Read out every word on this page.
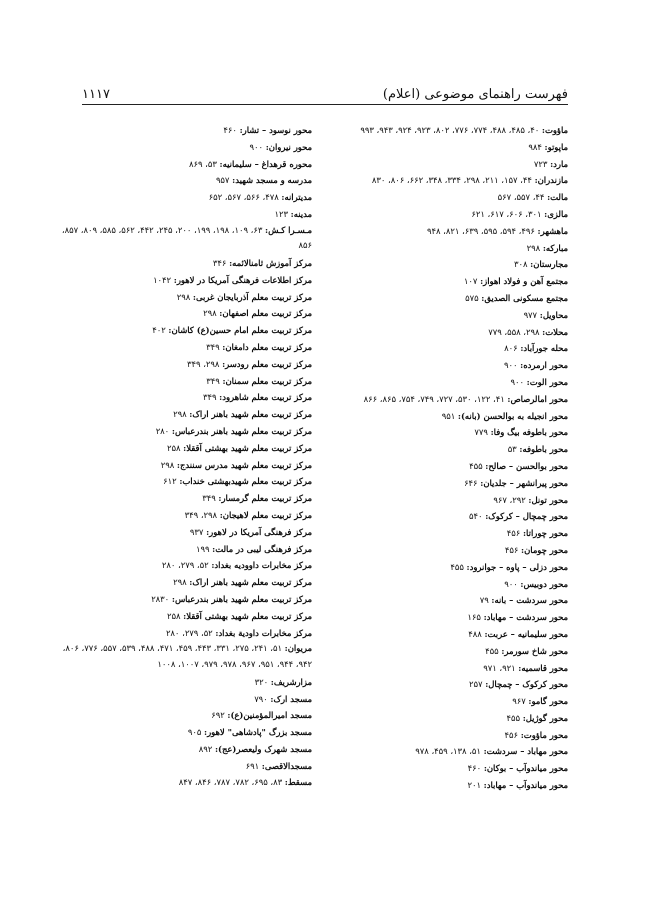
۱۱۱۷	فهرست راهنمای موضوعی (اعلام)
ماؤوت: ۴۰، ۴۸۵، ۴۸۸، ۷۷۴، ۷۷۶، ۸۰۲، ۹۲۳، ۹۲۴، ۹۴۳، ۹۹۳
ماپوتو: ۹۸۴
مارد: ۷۲۳
مازندران: ۴۴، ۱۵۷، ۲۱۱، ۲۹۸، ۳۳۴، ۳۴۸، ۶۶۲، ۸۰۶، ۸۳۰
مالت: ۴۴، ۵۵۷، ۵۶۷
مالزی: ۳۰۱، ۶۰۶، ۶۱۷، ۶۲۱
ماهشهر: ۴۹۶، ۵۹۴، ۵۹۵، ۶۳۹، ۸۲۱، ۹۴۸
مبارکه: ۲۹۸
مجارستان: ۳۰۸
مجتمع آهن و فولاد اهواز: ۱۰۷
مجتمع مسکونی الصدیق: ۵۷۵
محاویل: ۹۷۷
محلات: ۲۹۸، ۵۵۸، ۷۷۹
محله جورآباد: ۸۰۶
محور ارمرده: ۹۰۰
محور الوت: ۹۰۰
محور امالرصاص: ۴۱، ۱۲۲، ۵۳۰، ۷۲۷، ۷۴۹، ۷۵۴، ۸۶۵، ۸۶۶
محور انجیله به بوالحسن (بانه): ۹۵۱
محور باطوفه بیگ وفا: ۷۷۹
محور باطوفه: ۵۳
محور بوالحسن – صالح: ۴۵۵
محور پیرانشهر – جلدیان: ۶۴۶
محور تونل: ۲۹۲، ۹۶۷
محور چمچال – کرکوک: ۵۴۰
محور چوراتا: ۴۵۶
محور چومان: ۴۵۶
محور دزلی – پاوه – جوانرود: ۴۵۵
محور دوبیس: ۹۰۰
محور سردشت – بانه: ۷۹
محور سردشت – مهاباد: ۱۶۵
محور سلیمانیه – عربت: ۴۸۸
محور شاخ سورمر: ۴۵۵
محور قاسمیه: ۹۲۱، ۹۷۱
محور کرکوک – چمچال: ۲۵۷
محور گامو: ۹۶۷
محور گوژیل: ۴۵۵
محور ماؤوت: ۴۵۶
محور مهاباد – سردشت: ۵۱، ۱۳۸، ۴۵۹، ۹۷۸
محور میاندوآب – بوکان: ۴۶۰
محور میاندوآب – مهاباد: ۲۰۱
محور نوسود – تشار: ۴۶۰
محور نیروان: ۹۰۰
محوره قرهداغ – سلیمانیه: ۵۳، ۸۶۹
مدرسه و مسجد شهید: ۹۵۷
مدیترانه: ۴۷۸، ۵۶۶، ۵۶۷، ۶۵۲
مدینه: ۱۲۳
مـسـرا کـش: ۶۳، ۱۰۹، ۱۹۸، ۱۹۹، ۲۰۰، ۲۴۵، ۴۴۲، ۵۶۲، ۵۸۵، ۸۰۹، ۸۵۷، ۸۵۶
مرکز آموزش ثامنالائمه: ۳۴۶
مرکز اطلاعات فرهنگی آمریکا در لاهور: ۱۰۴۲
مرکز تربیت معلم آذربایجان غربی: ۲۹۸
مرکز تربیت معلم اصفهان: ۲۹۸
مرکز تربیت معلم امام حسین(ع) کاشان: ۴۰۲
مرکز تربیت معلم دامغان: ۳۴۹
مرکز تربیت معلم رودسر: ۲۹۸، ۳۴۹
مرکز تربیت معلم سمنان: ۳۴۹
مرکز تربیت معلم شاهرود: ۳۴۹
مرکز تربیت معلم شهید باهنر اراک: ۲۹۸
مرکز تربیت معلم شهید باهنر بندرعباس: ۲۸۰
مرکز تربیت معلم شهید بهشتی آققلا: ۲۵۸
مرکز تربیت معلم شهید مدرس سنندج: ۲۹۸
مرکز تربیت معلم شهیدبهشتی خنداب: ۶۱۲
مرکز تربیت معلم گرمسار: ۳۴۹
مرکز تربیت معلم لاهیجان: ۲۹۸، ۳۴۹
مرکز فرهنگی آمریکا در لاهور: ۹۳۷
مرکز فرهنگی لیبی در مالت: ۱۹۹
مرکز مخابرات داوودیه بغداد: ۵۲، ۲۷۹، ۲۸۰
مرکز تربیت معلم شهید باهنر اراک: ۲۹۸
مرکز تربیت معلم شهید باهنر بندرعباس: ۲۸۳۰
مرکز تربیت معلم شهید بهشتی آققلا: ۲۵۸
مرکز مخابرات داودیة بغداد: ۵۲، ۲۷۹، ۲۸۰
مریوان: ۵۱، ۲۴۱، ۲۷۵، ۳۳۱، ۴۴۳، ۴۵۹، ۴۷۱، ۴۸۸، ۵۳۹، ۵۵۷، ۷۷۶، ۸۰۶، ۹۴۲، ۹۴۴، ۹۵۱، ۹۶۷، ۹۷۸، ۹۷۹، ۱۰۰۷، ۱۰۰۸
مزارشریف: ۳۲۰
مسجد ارک: ۷۹۰
مسجد امیرالمؤمنین(ع): ۶۹۲
مسجد بزرگ "پادشاهی" لاهور: ۹۰۵
مسجد شهرک ولیعصر(عج): ۸۹۲
مسجدالاقصی: ۶۹۱
مسقط: ۸۳، ۶۹۵، ۷۸۲، ۷۸۷، ۸۴۶، ۸۴۷
